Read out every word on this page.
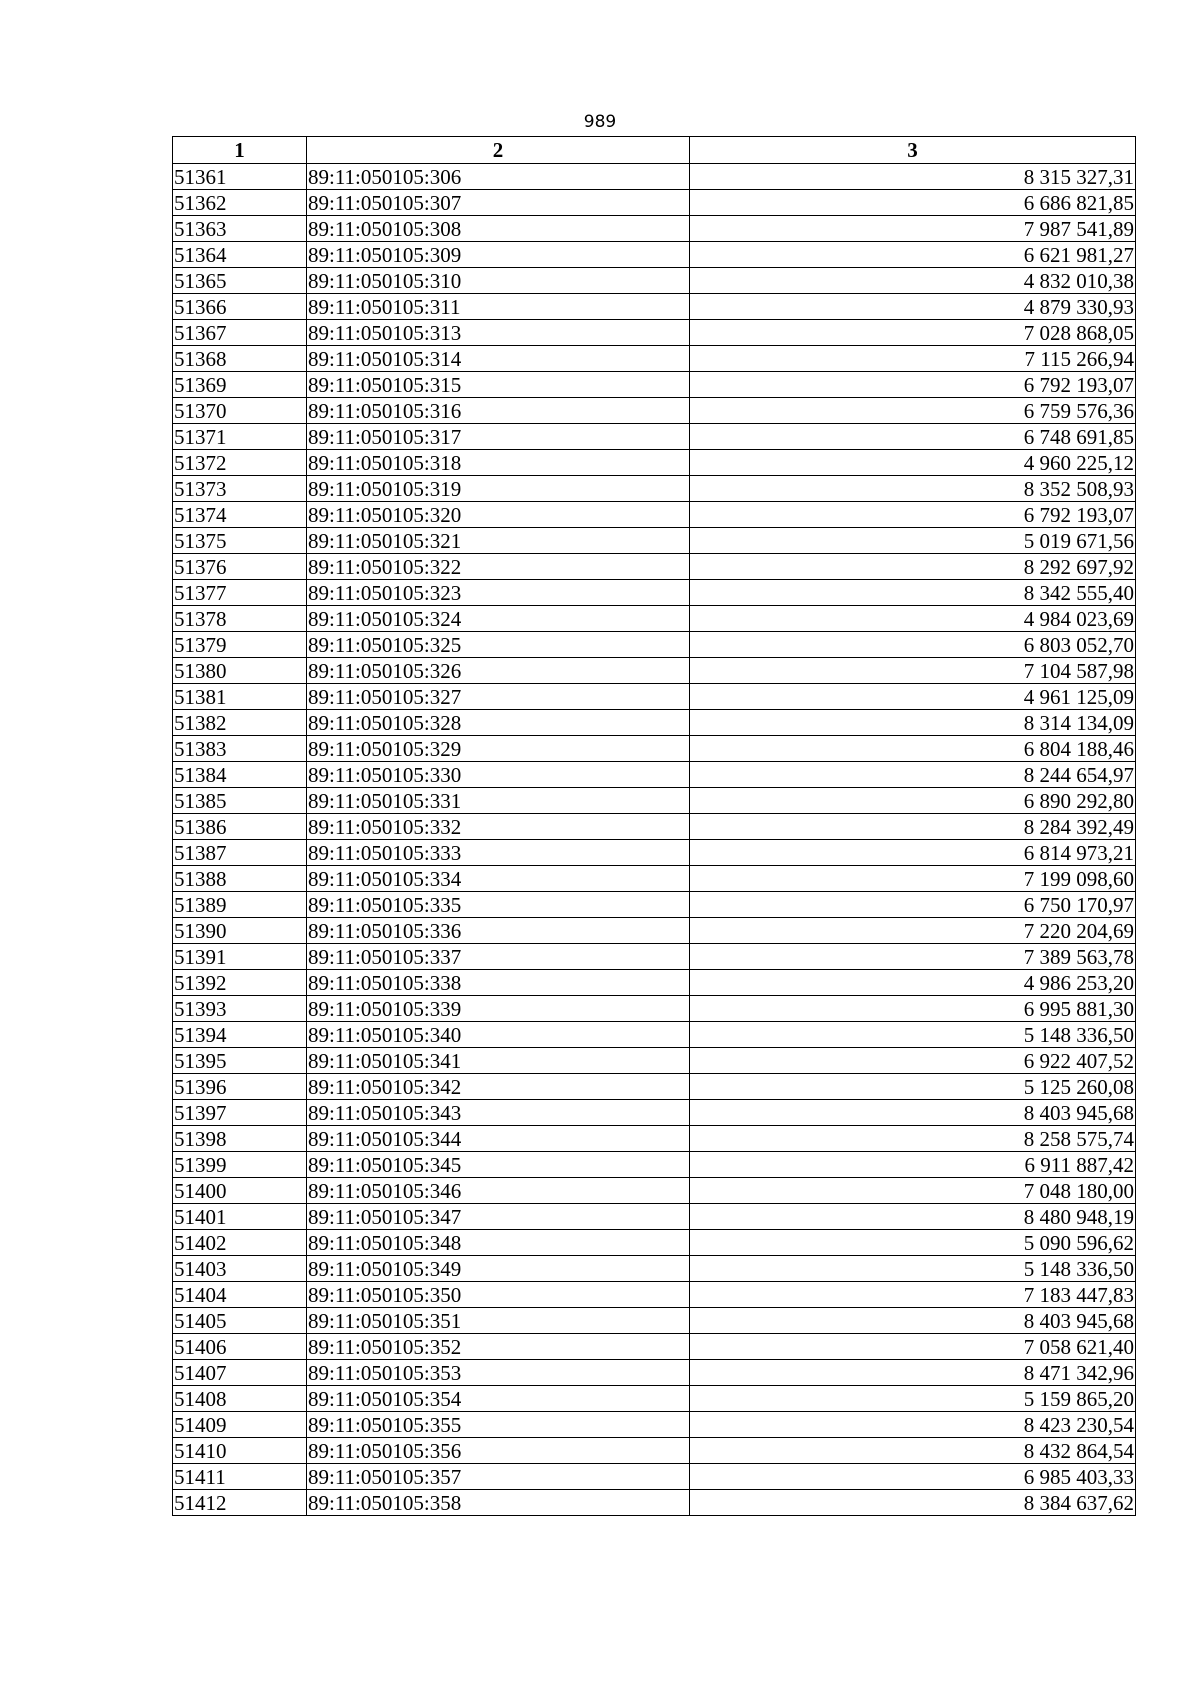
989
1	2	3
51361	89:11:050105:306	8 315 327,31
51362	89:11:050105:307	6 686 821,85
51363	89:11:050105:308	7 987 541,89
51364	89:11:050105:309	6 621 981,27
51365	89:11:050105:310	4 832 010,38
51366	89:11:050105:311	4 879 330,93
51367	89:11:050105:313	7 028 868,05
51368	89:11:050105:314	7 115 266,94
51369	89:11:050105:315	6 792 193,07
51370	89:11:050105:316	6 759 576,36
51371	89:11:050105:317	6 748 691,85
51372	89:11:050105:318	4 960 225,12
51373	89:11:050105:319	8 352 508,93
51374	89:11:050105:320	6 792 193,07
51375	89:11:050105:321	5 019 671,56
51376	89:11:050105:322	8 292 697,92
51377	89:11:050105:323	8 342 555,40
51378	89:11:050105:324	4 984 023,69
51379	89:11:050105:325	6 803 052,70
51380	89:11:050105:326	7 104 587,98
51381	89:11:050105:327	4 961 125,09
51382	89:11:050105:328	8 314 134,09
51383	89:11:050105:329	6 804 188,46
51384	89:11:050105:330	8 244 654,97
51385	89:11:050105:331	6 890 292,80
51386	89:11:050105:332	8 284 392,49
51387	89:11:050105:333	6 814 973,21
51388	89:11:050105:334	7 199 098,60
51389	89:11:050105:335	6 750 170,97
51390	89:11:050105:336	7 220 204,69
51391	89:11:050105:337	7 389 563,78
51392	89:11:050105:338	4 986 253,20
51393	89:11:050105:339	6 995 881,30
51394	89:11:050105:340	5 148 336,50
51395	89:11:050105:341	6 922 407,52
51396	89:11:050105:342	5 125 260,08
51397	89:11:050105:343	8 403 945,68
51398	89:11:050105:344	8 258 575,74
51399	89:11:050105:345	6 911 887,42
51400	89:11:050105:346	7 048 180,00
51401	89:11:050105:347	8 480 948,19
51402	89:11:050105:348	5 090 596,62
51403	89:11:050105:349	5 148 336,50
51404	89:11:050105:350	7 183 447,83
51405	89:11:050105:351	8 403 945,68
51406	89:11:050105:352	7 058 621,40
51407	89:11:050105:353	8 471 342,96
51408	89:11:050105:354	5 159 865,20
51409	89:11:050105:355	8 423 230,54
51410	89:11:050105:356	8 432 864,54
51411	89:11:050105:357	6 985 403,33
51412	89:11:050105:358	8 384 637,62
